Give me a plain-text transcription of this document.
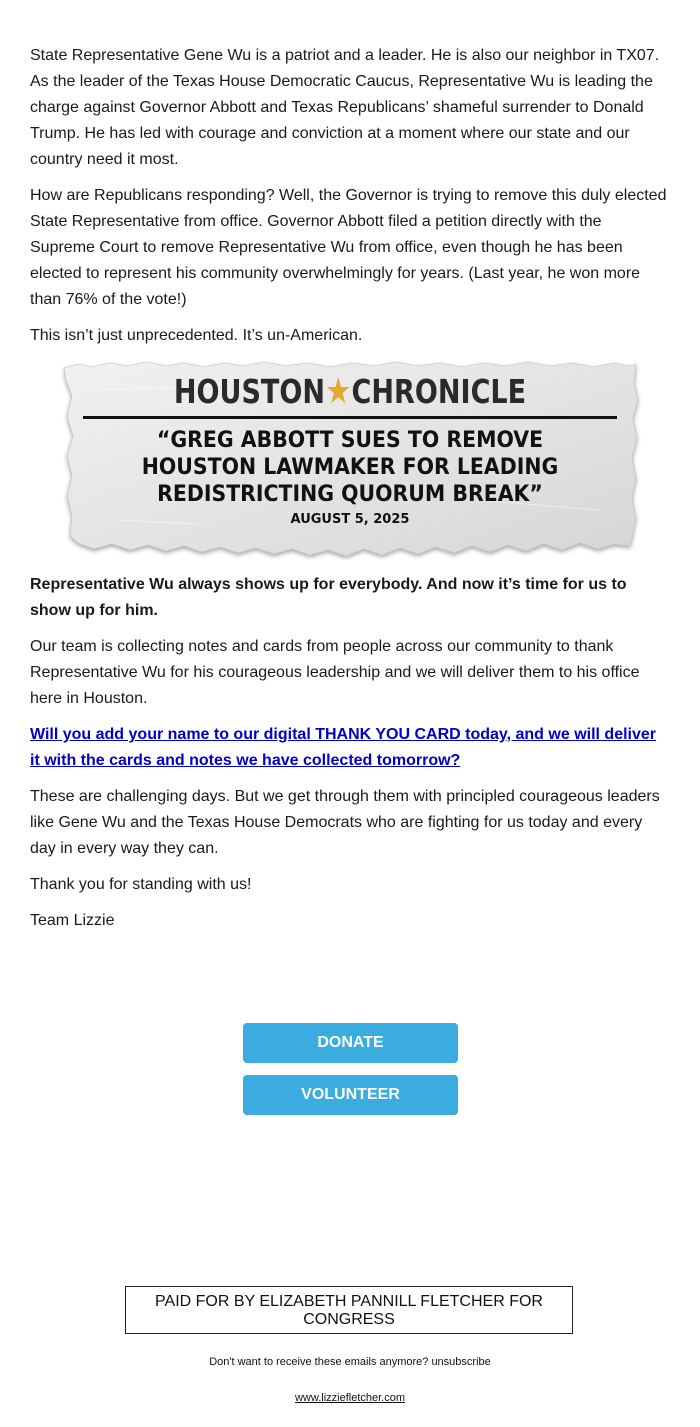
State Representative Gene Wu is a patriot and a leader. He is also our neighbor in TX07. As the leader of the Texas House Democratic Caucus, Representative Wu is leading the charge against Governor Abbott and Texas Republicans’ shameful surrender to Donald Trump. He has led with courage and conviction at a moment where our state and our country need it most.

How are Republicans responding? Well, the Governor is trying to remove this duly elected State Representative from office. Governor Abbott filed a petition directly with the Supreme Court to remove Representative Wu from office, even though he has been elected to represent his community overwhelmingly for years. (Last year, he won more than 76% of the vote!)

This isn’t just unprecedented. It’s un-American.

HOUSTON★CHRONICLE
“GREG ABBOTT SUES TO REMOVE HOUSTON LAWMAKER FOR LEADING REDISTRICTING QUORUM BREAK”
AUGUST 5, 2025

Representative Wu always shows up for everybody. And now it’s time for us to show up for him.

Our team is collecting notes and cards from people across our community to thank Representative Wu for his courageous leadership and we will deliver them to his office here in Houston.

Will you add your name to our digital THANK YOU CARD today, and we will deliver it with the cards and notes we have collected tomorrow?

These are challenging days. But we get through them with principled courageous leaders like Gene Wu and the Texas House Democrats who are fighting for us today and every day in every way they can.

Thank you for standing with us!

Team Lizzie

DONATE
VOLUNTEER
PAID FOR BY ELIZABETH PANNILL FLETCHER FOR CONGRESS
Don't want to receive these emails anymore? unsubscribe
www.lizziefletcher.com
